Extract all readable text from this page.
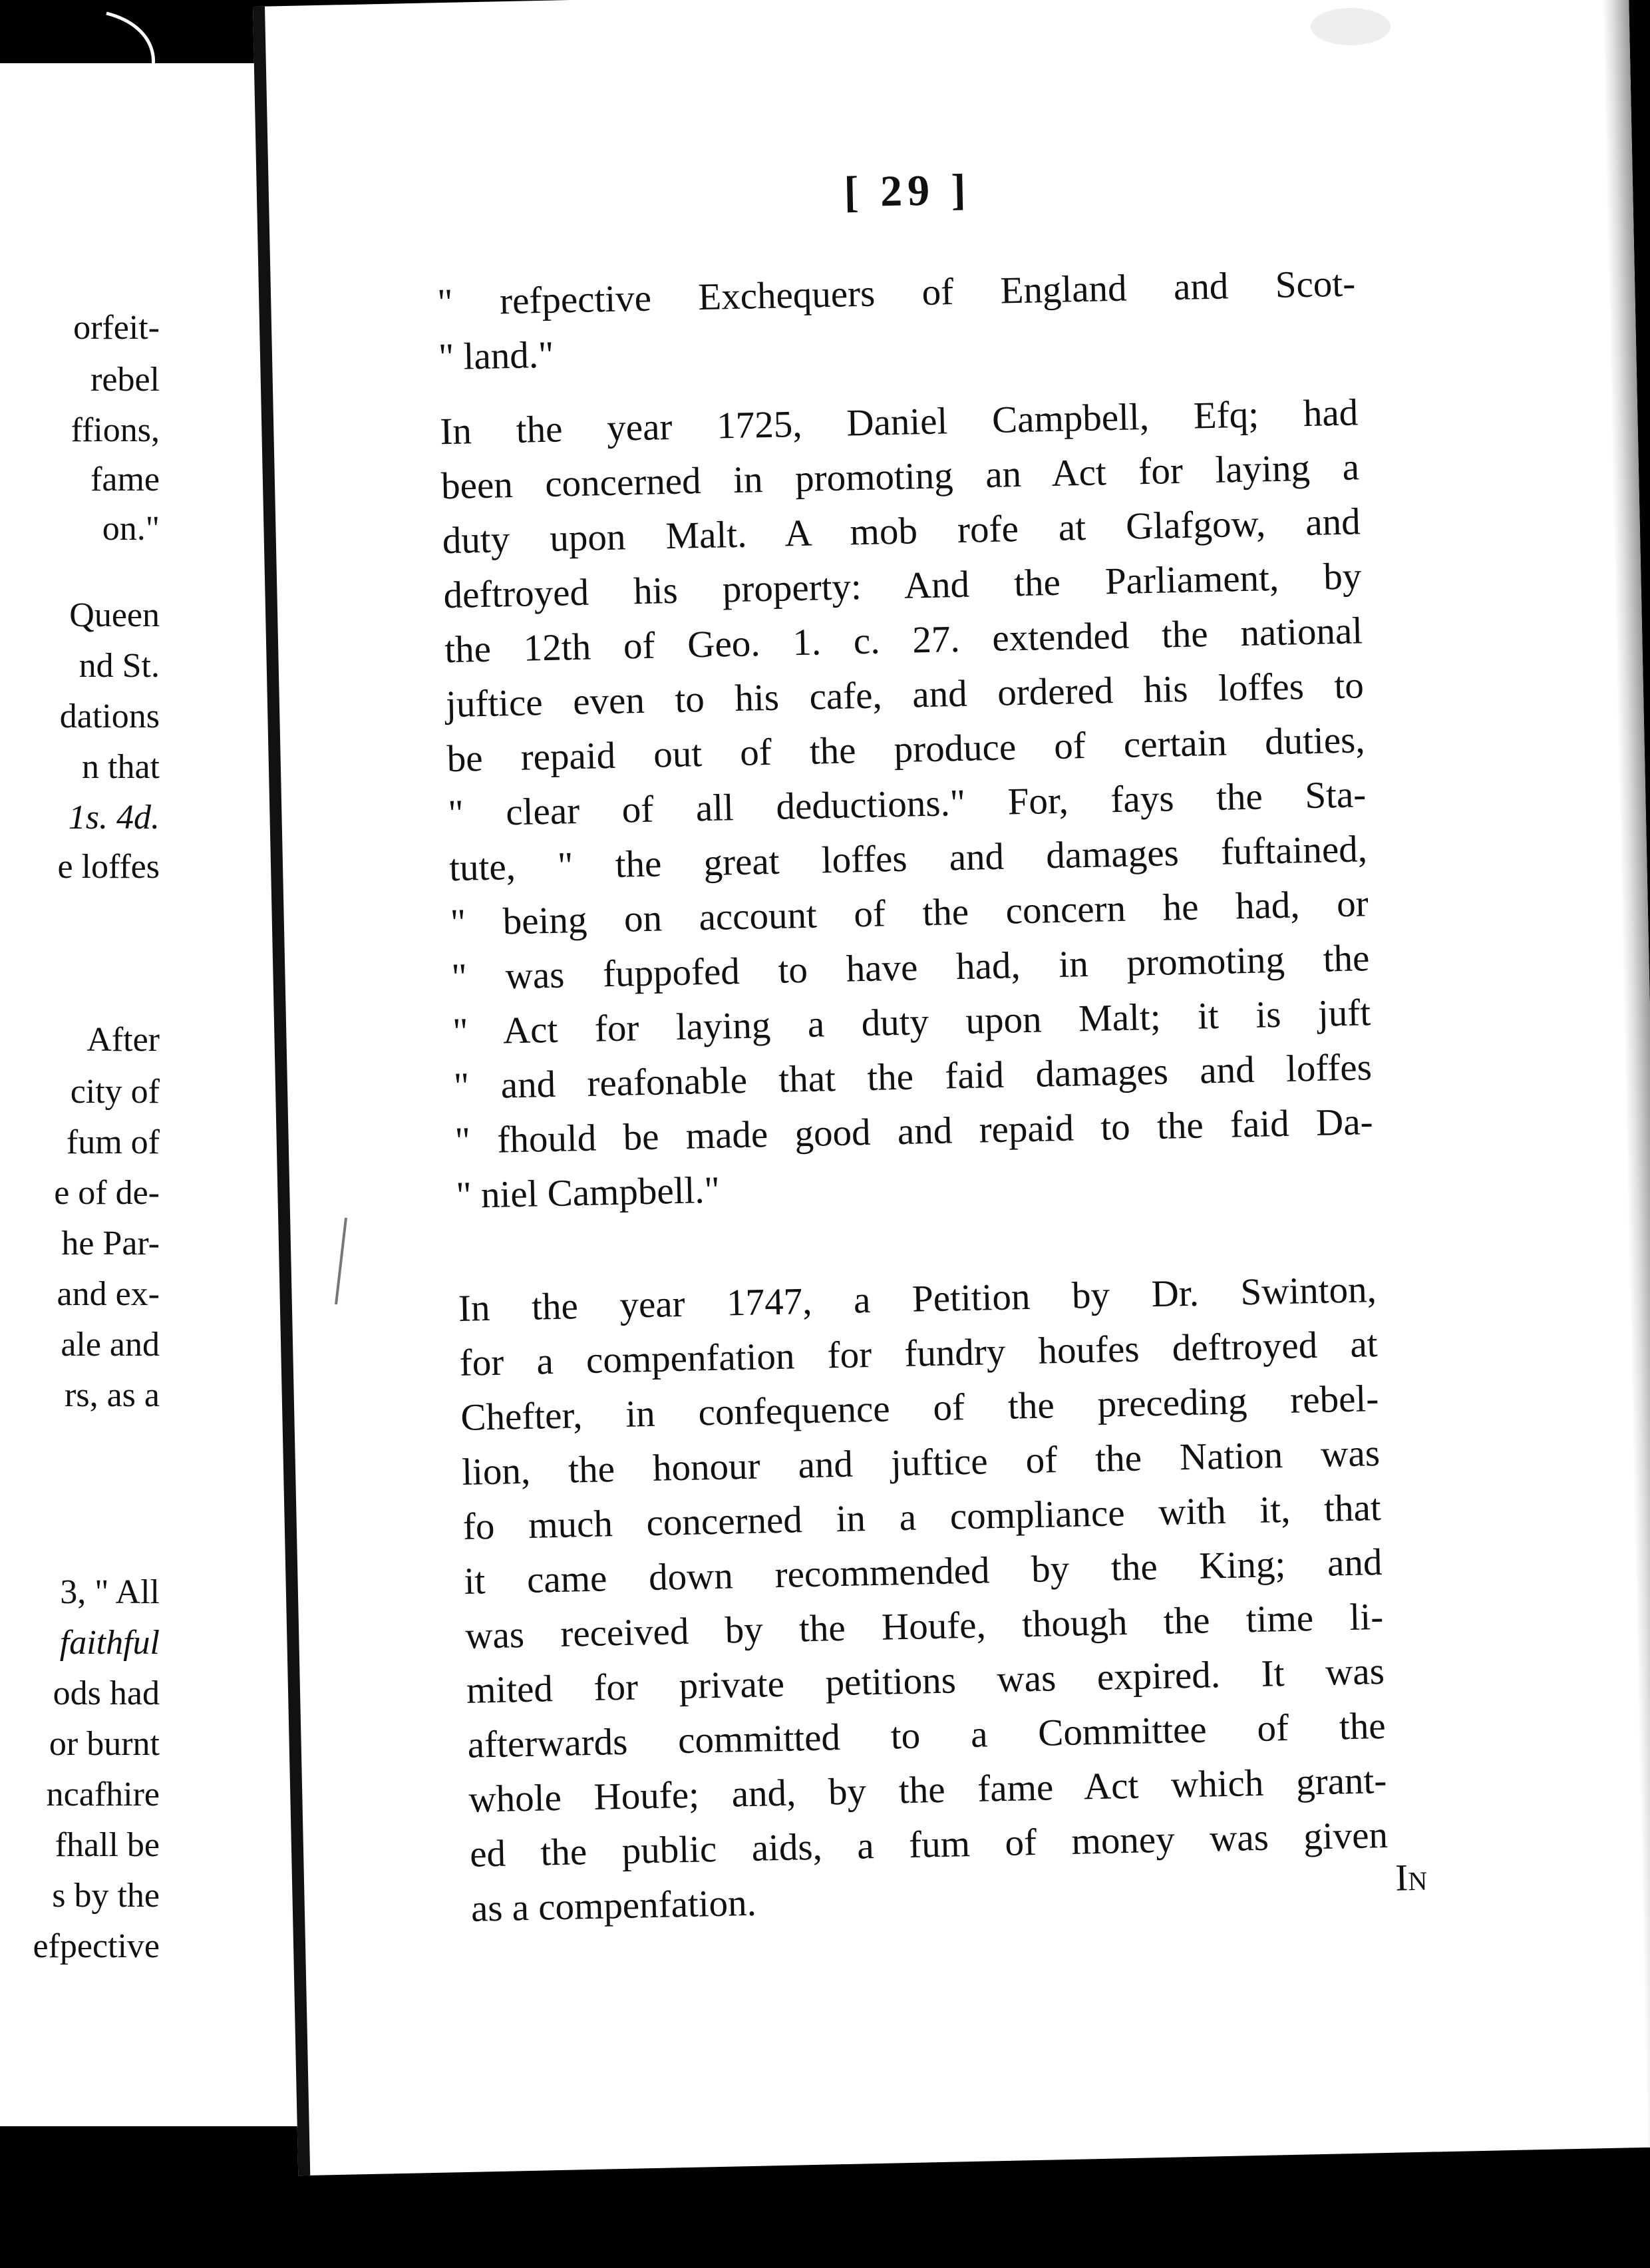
orfeit-
rebel
ffions,
fame
on."
Queen
nd St.
dations
n that
1s. 4d.
e loffes
After
city of
fum of
e of de-
he Par-
and ex-
ale and
rs, as a
3, " All
faithful
ods had
or burnt
ncafhire
fhall be
s by the
efpective
[ 29 ]
" refpective Exchequers of England and Scot-
" land."
In the year 1725, Daniel Campbell, Efq; had
been concerned in promoting an Act for laying a
duty upon Malt. A mob rofe at Glafgow, and
deftroyed his property: And the Parliament, by
the 12th of Geo. 1. c. 27. extended the national
juftice even to his cafe, and ordered his loffes to
be repaid out of the produce of certain duties,
" clear of all deductions." For, fays the Sta-
tute, " the great loffes and damages fuftained,
" being on account of the concern he had, or
" was fuppofed to have had, in promoting the
" Act for laying a duty upon Malt; it is juft
" and reafonable that the faid damages and loffes
" fhould be made good and repaid to the faid Da-
" niel Campbell."
In the year 1747, a Petition by Dr. Swinton,
for a compenfation for fundry houfes deftroyed at
Chefter, in confequence of the preceding rebel-
lion, the honour and juftice of the Nation was
fo much concerned in a compliance with it, that
it came down recommended by the King; and
was received by the Houfe, though the time li-
mited for private petitions was expired. It was
afterwards committed to a Committee of the
whole Houfe; and, by the fame Act which grant-
ed the public aids, a fum of money was given
as a compenfation.
In
